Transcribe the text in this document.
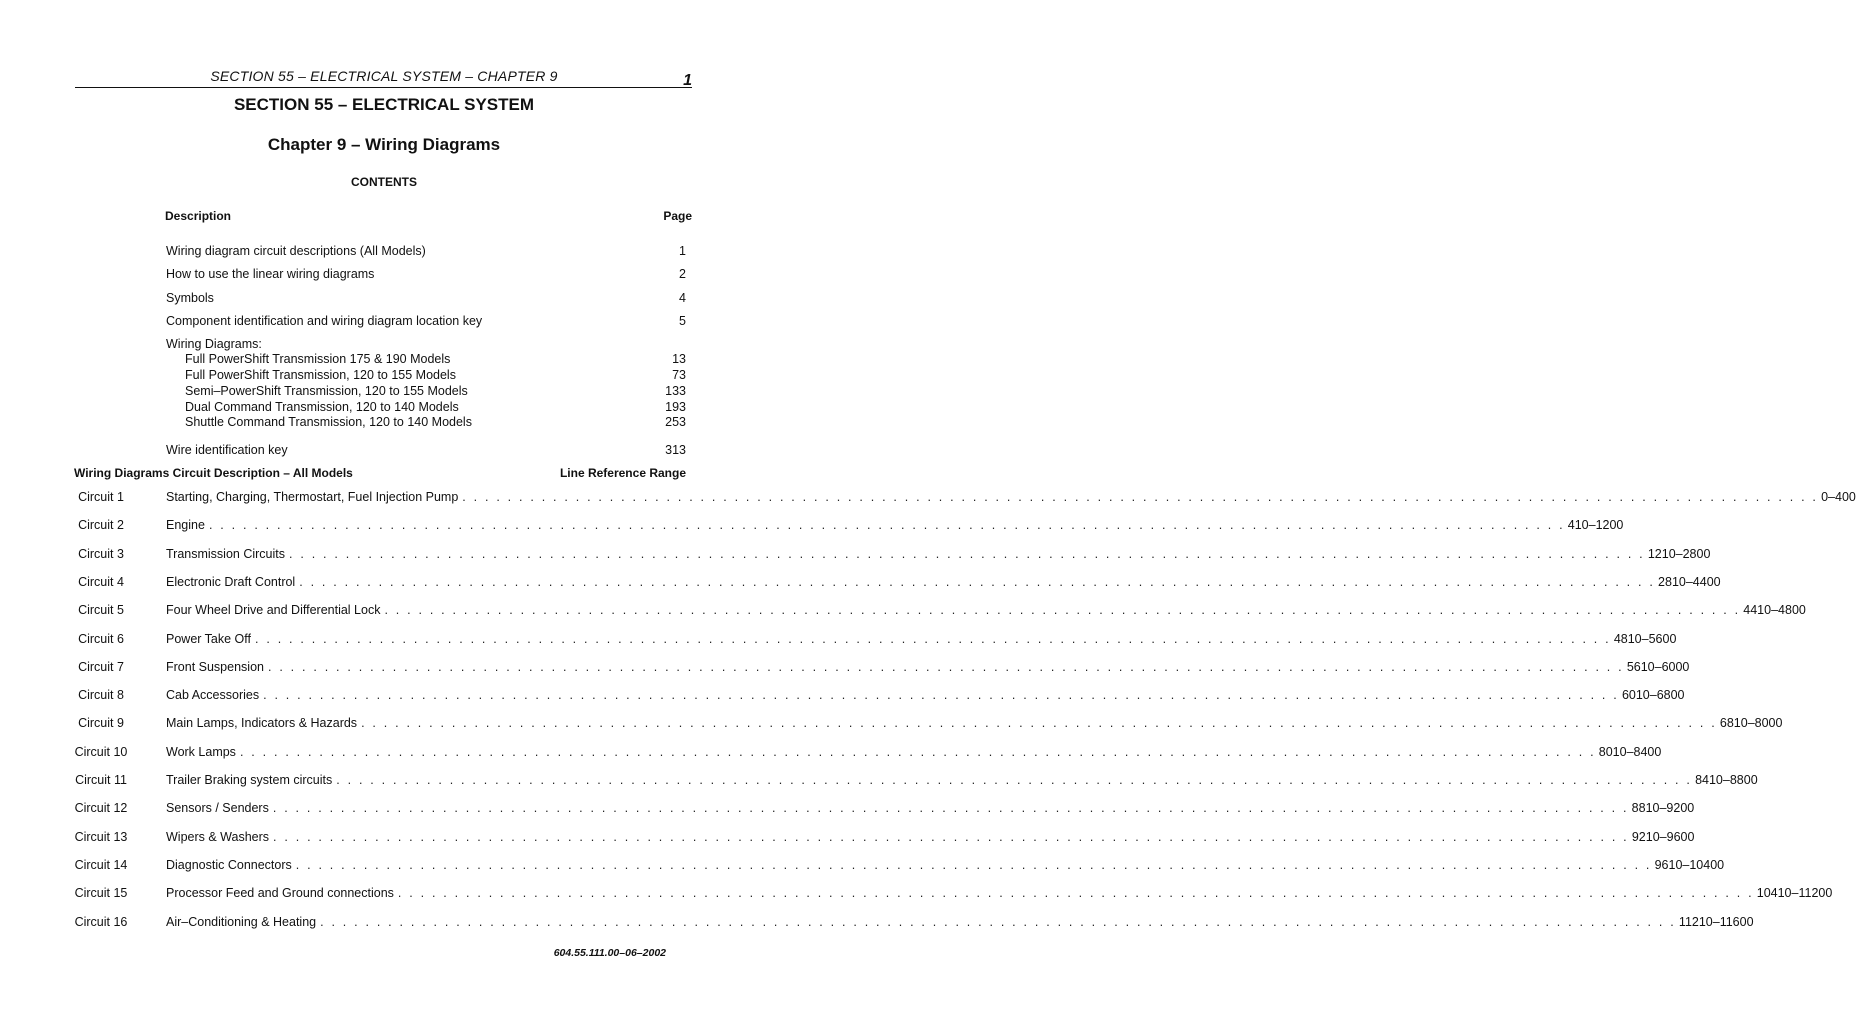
SECTION 55 – ELECTRICAL SYSTEM – CHAPTER 9	1
SECTION 55 – ELECTRICAL SYSTEM
Chapter 9 – Wiring Diagrams
CONTENTS
Description	Page
Wiring diagram circuit descriptions (All Models)	1
How to use the linear wiring diagrams	2
Symbols	4
Component identification and wiring diagram location key	5
Wiring Diagrams:
Full PowerShift Transmission 175 & 190 Models	13
Full PowerShift Transmission, 120 to 155 Models	73
Semi–PowerShift Transmission, 120 to 155 Models	133
Dual Command Transmission, 120 to 140 Models	193
Shuttle Command Transmission, 120 to 140 Models	253
Wire identification key	313
Wiring Diagrams Circuit Description – All Models	Line Reference Range
Circuit 1	Starting, Charging, Thermostart, Fuel Injection Pump . . . . . . . . . . . . . . . . . . . . . . . . . . . . . . . . . . . . . . . . . . . . . . . . . . . . . . . . . . . . . . . . . . . . . . . . . . . . . . . . . . . . . . . . . . . . . . . . . . . . . . . . . . . . . . . . . . . . . . . . 0–400
Circuit 2	Engine . . . . . . . . . . . . . . . . . . . . . . . . . . . . . . . . . . . . . . . . . . . . . . . . . . . . . . . . . . . . . . . . . . . . . . . . . . . . . . . . . . . . . . . . . . . . . . . . . . . . . . . . . . . . . . . . . . . . . . . . 410–1200
Circuit 3	Transmission Circuits . . . . . . . . . . . . . . . . . . . . . . . . . . . . . . . . . . . . . . . . . . . . . . . . . . . . . . . . . . . . . . . . . . . . . . . . . . . . . . . . . . . . . . . . . . . . . . . . . . . . . . . . . . . . . . . . . . . . . . . . 1210–2800
Circuit 4	Electronic Draft Control . . . . . . . . . . . . . . . . . . . . . . . . . . . . . . . . . . . . . . . . . . . . . . . . . . . . . . . . . . . . . . . . . . . . . . . . . . . . . . . . . . . . . . . . . . . . . . . . . . . . . . . . . . . . . . . . . . . . . . . . 2810–4400
Circuit 5	Four Wheel Drive and Differential Lock . . . . . . . . . . . . . . . . . . . . . . . . . . . . . . . . . . . . . . . . . . . . . . . . . . . . . . . . . . . . . . . . . . . . . . . . . . . . . . . . . . . . . . . . . . . . . . . . . . . . . . . . . . . . . . . . . . . . . . . . 4410–4800
Circuit 6	Power Take Off . . . . . . . . . . . . . . . . . . . . . . . . . . . . . . . . . . . . . . . . . . . . . . . . . . . . . . . . . . . . . . . . . . . . . . . . . . . . . . . . . . . . . . . . . . . . . . . . . . . . . . . . . . . . . . . . . . . . . . . . 4810–5600
Circuit 7	Front Suspension . . . . . . . . . . . . . . . . . . . . . . . . . . . . . . . . . . . . . . . . . . . . . . . . . . . . . . . . . . . . . . . . . . . . . . . . . . . . . . . . . . . . . . . . . . . . . . . . . . . . . . . . . . . . . . . . . . . . . . . . 5610–6000
Circuit 8	Cab Accessories . . . . . . . . . . . . . . . . . . . . . . . . . . . . . . . . . . . . . . . . . . . . . . . . . . . . . . . . . . . . . . . . . . . . . . . . . . . . . . . . . . . . . . . . . . . . . . . . . . . . . . . . . . . . . . . . . . . . . . . . 6010–6800
Circuit 9	Main Lamps, Indicators & Hazards . . . . . . . . . . . . . . . . . . . . . . . . . . . . . . . . . . . . . . . . . . . . . . . . . . . . . . . . . . . . . . . . . . . . . . . . . . . . . . . . . . . . . . . . . . . . . . . . . . . . . . . . . . . . . . . . . . . . . . . . 6810–8000
Circuit 10	Work Lamps . . . . . . . . . . . . . . . . . . . . . . . . . . . . . . . . . . . . . . . . . . . . . . . . . . . . . . . . . . . . . . . . . . . . . . . . . . . . . . . . . . . . . . . . . . . . . . . . . . . . . . . . . . . . . . . . . . . . . . . . 8010–8400
Circuit 11	Trailer Braking system circuits . . . . . . . . . . . . . . . . . . . . . . . . . . . . . . . . . . . . . . . . . . . . . . . . . . . . . . . . . . . . . . . . . . . . . . . . . . . . . . . . . . . . . . . . . . . . . . . . . . . . . . . . . . . . . . . . . . . . . . . . 8410–8800
Circuit 12	Sensors / Senders . . . . . . . . . . . . . . . . . . . . . . . . . . . . . . . . . . . . . . . . . . . . . . . . . . . . . . . . . . . . . . . . . . . . . . . . . . . . . . . . . . . . . . . . . . . . . . . . . . . . . . . . . . . . . . . . . . . . . . . . 8810–9200
Circuit 13	Wipers & Washers . . . . . . . . . . . . . . . . . . . . . . . . . . . . . . . . . . . . . . . . . . . . . . . . . . . . . . . . . . . . . . . . . . . . . . . . . . . . . . . . . . . . . . . . . . . . . . . . . . . . . . . . . . . . . . . . . . . . . . . . 9210–9600
Circuit 14	Diagnostic Connectors . . . . . . . . . . . . . . . . . . . . . . . . . . . . . . . . . . . . . . . . . . . . . . . . . . . . . . . . . . . . . . . . . . . . . . . . . . . . . . . . . . . . . . . . . . . . . . . . . . . . . . . . . . . . . . . . . . . . . . . . 9610–10400
Circuit 15	Processor Feed and Ground connections . . . . . . . . . . . . . . . . . . . . . . . . . . . . . . . . . . . . . . . . . . . . . . . . . . . . . . . . . . . . . . . . . . . . . . . . . . . . . . . . . . . . . . . . . . . . . . . . . . . . . . . . . . . . . . . . . . . . . . . . 10410–11200
Circuit 16	Air–Conditioning & Heating . . . . . . . . . . . . . . . . . . . . . . . . . . . . . . . . . . . . . . . . . . . . . . . . . . . . . . . . . . . . . . . . . . . . . . . . . . . . . . . . . . . . . . . . . . . . . . . . . . . . . . . . . . . . . . . . . . . . . . . . 11210–11600
604.55.111.00–06–2002
